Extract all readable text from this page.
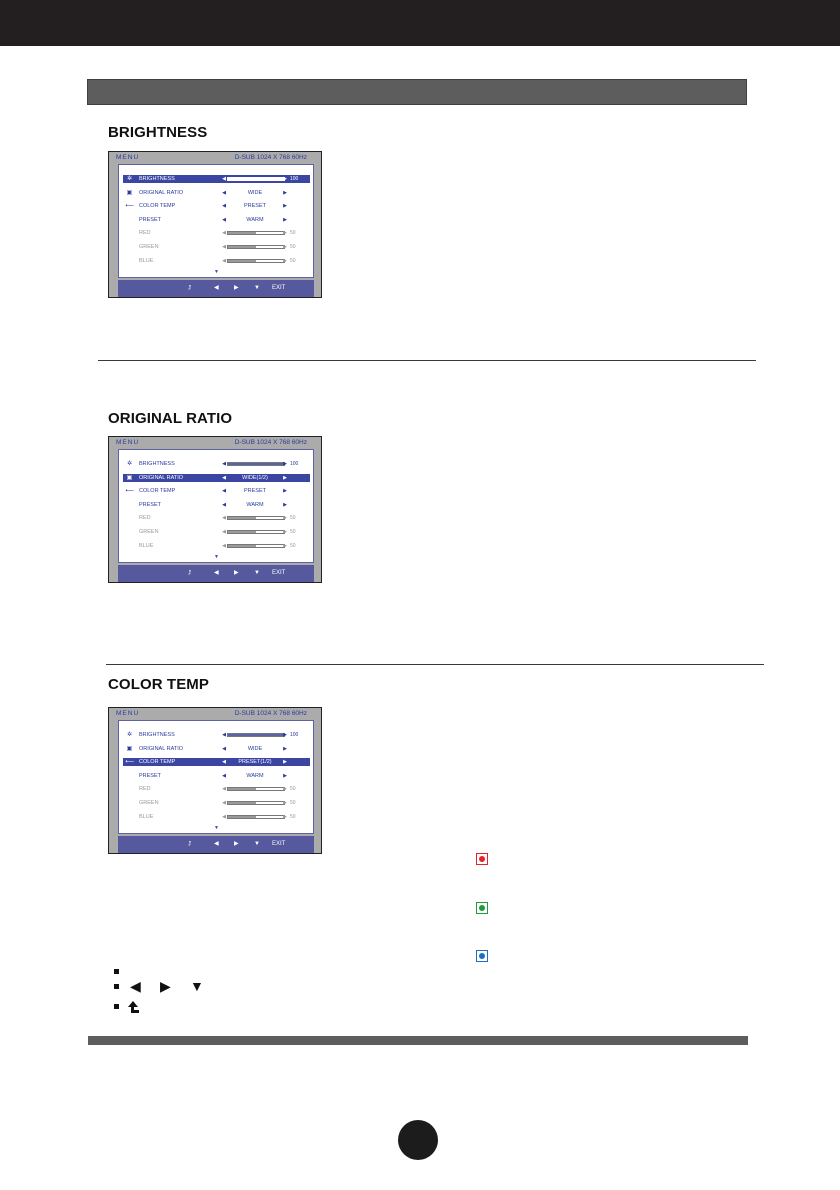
BRIGHTNESS
MENU	D-SUB 1024 X 768 60Hz
✲	BRIGHTNESS	◀	▶ 100
▣	ORIGINAL RATIO	◀	WIDE	▶
⟵ COLOR TEMP	◀	PRESET	▶
PRESET	◀	WARM	▶
RED	◀	▶ 50
GREEN	◀	▶ 50
BLUE	◀	▶ 50
▼
⮥	◀	▶	▼ EXIT
ORIGINAL RATIO
MENU	D-SUB 1024 X 768 60Hz
✲	BRIGHTNESS	◀	▶ 100
▣	ORIGINAL RATIO	◀	WIDE(1/2)	▶
⟵ COLOR TEMP	◀	PRESET	▶
PRESET	◀	WARM	▶
RED	◀	▶ 50
GREEN	◀	▶ 50
BLUE	◀	▶ 50
▼
⮥	◀	▶	▼ EXIT
COLOR TEMP
MENU	D-SUB 1024 X 768 60Hz
✲	BRIGHTNESS	◀	▶ 100
▣	ORIGINAL RATIO	◀	WIDE	▶
⟵ COLOR TEMP	◀	PRESET(1/2)	▶
PRESET	◀	WARM	▶
RED	◀	▶ 50
GREEN	◀	▶ 50
BLUE	◀	▶ 50
▼
⮥	◀	▶	▼ EXIT
◀ ▶ ▼
